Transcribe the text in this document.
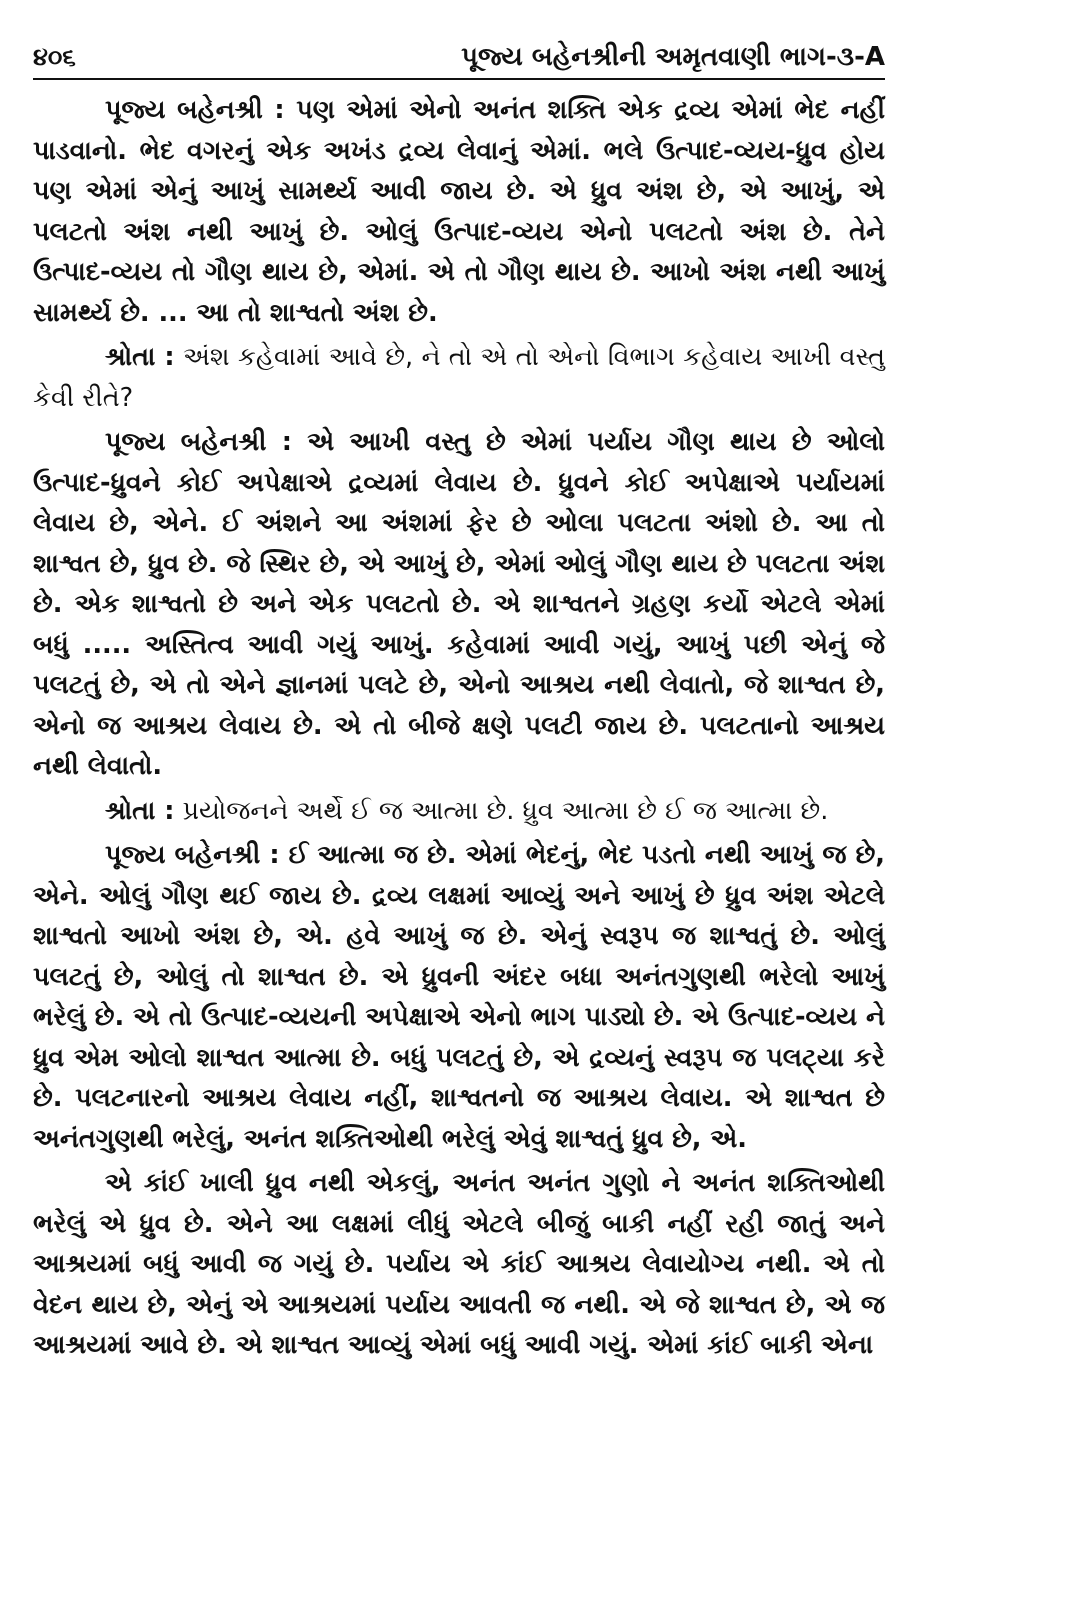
૪૦૬	પૂજ્ય બહેનશ્રીની અમૃતવાણી ભાગ-૩-A

પૂજ્ય બહેનશ્રી : પણ એમાં એનો અનંત શક્તિ એક દ્રવ્ય એમાં ભેદ નહીં પાડવાનો. ભેદ વગરનું એક અખંડ દ્રવ્ય લેવાનું એમાં. ભલે ઉત્પાદ-વ્યય-ધ્રુવ હોય પણ એમાં એનું આખું સામર્થ્ય આવી જાય છે. એ ધ્રુવ અંશ છે, એ આખું, એ પલટતો અંશ નથી આખું છે. ઓલું ઉત્પાદ-વ્યય એનો પલટતો અંશ છે. તેને ઉત્પાદ-વ્યય તો ગૌણ થાય છે, એમાં. એ તો ગૌણ થાય છે. આખો અંશ નથી આખું સામર્થ્ય છે. ... આ તો શાશ્વતો અંશ છે.

શ્રોતા : અંશ કહેવામાં આવે છે, ને તો એ તો એનો વિભાગ કહેવાય આખી વસ્તુ કેવી રીતે?

પૂજ્ય બહેનશ્રી : એ આખી વસ્તુ છે એમાં પર્યાય ગૌણ થાય છે ઓલો ઉત્પાદ-ધ્રુવને કોઈ અપેક્ષાએ દ્રવ્યમાં લેવાય છે. ધ્રુવને કોઈ અપેક્ષાએ પર્યાયમાં લેવાય છે, એને. ઈ અંશને આ અંશમાં ફેર છે ઓલા પલટતા અંશો છે. આ તો શાશ્વત છે, ધ્રુવ છે. જે સ્થિર છે, એ આખું છે, એમાં ઓલું ગૌણ થાય છે પલટતા અંશ છે. એક શાશ્વતો છે અને એક પલટતો છે. એ શાશ્વતને ગ્રહણ કર્યો એટલે એમાં બધું ..... અસ્તિત્વ આવી ગયું આખું. કહેવામાં આવી ગયું, આખું પછી એનું જે પલટતું છે, એ તો એને જ્ઞાનમાં પલટે છે, એનો આશ્રય નથી લેવાતો, જે શાશ્વત છે, એનો જ આશ્રય લેવાય છે. એ તો બીજે ક્ષણે પલટી જાય છે. પલટતાનો આશ્રય નથી લેવાતો.

શ્રોતા : પ્રયોજનને અર્થે ઈ જ આત્મા છે. ધ્રુવ આત્મા છે ઈ જ આત્મા છે.

પૂજ્ય બહેનશ્રી : ઈ આત્મા જ છે. એમાં ભેદનું, ભેદ પડતો નથી આખું જ છે, એને. ઓલું ગૌણ થઈ જાય છે. દ્રવ્ય લક્ષમાં આવ્યું અને આખું છે ધ્રુવ અંશ એટલે શાશ્વતો આખો અંશ છે, એ. હવે આખું જ છે. એનું સ્વરૂપ જ શાશ્વતું છે. ઓલું પલટતું છે, ઓલું તો શાશ્વત છે. એ ધ્રુવની અંદર બધા અનંતગુણથી ભરેલો આખું ભરેલું છે. એ તો ઉત્પાદ-વ્યયની અપેક્ષાએ એનો ભાગ પાડ્યો છે. એ ઉત્પાદ-વ્યય ને ધ્રુવ એમ ઓલો શાશ્વત આત્મા છે. બધું પલટતું છે, એ દ્રવ્યનું સ્વરૂપ જ પલટ્યા કરે છે. પલટનારનો આશ્રય લેવાય નહીં, શાશ્વતનો જ આશ્રય લેવાય. એ શાશ્વત છે અનંતગુણથી ભરેલું, અનંત શક્તિઓથી ભરેલું એવું શાશ્વતું ધ્રુવ છે, એ.

એ કાંઈ ખાલી ધ્રુવ નથી એકલું, અનંત અનંત ગુણો ને અનંત શક્તિઓથી ભરેલું એ ધ્રુવ છે. એને આ લક્ષમાં લીધું એટલે બીજું બાકી નહીં રહી જાતું અને આશ્રયમાં બધું આવી જ ગયું છે. પર્યાય એ કાંઈ આશ્રય લેવાયોગ્ય નથી. એ તો વેદન થાય છે, એનું એ આશ્રયમાં પર્યાય આવતી જ નથી. એ જે શાશ્વત છે, એ જ આશ્રયમાં આવે છે. એ શાશ્વત આવ્યું એમાં બધું આવી ગયું. એમાં કાંઈ બાકી એના
